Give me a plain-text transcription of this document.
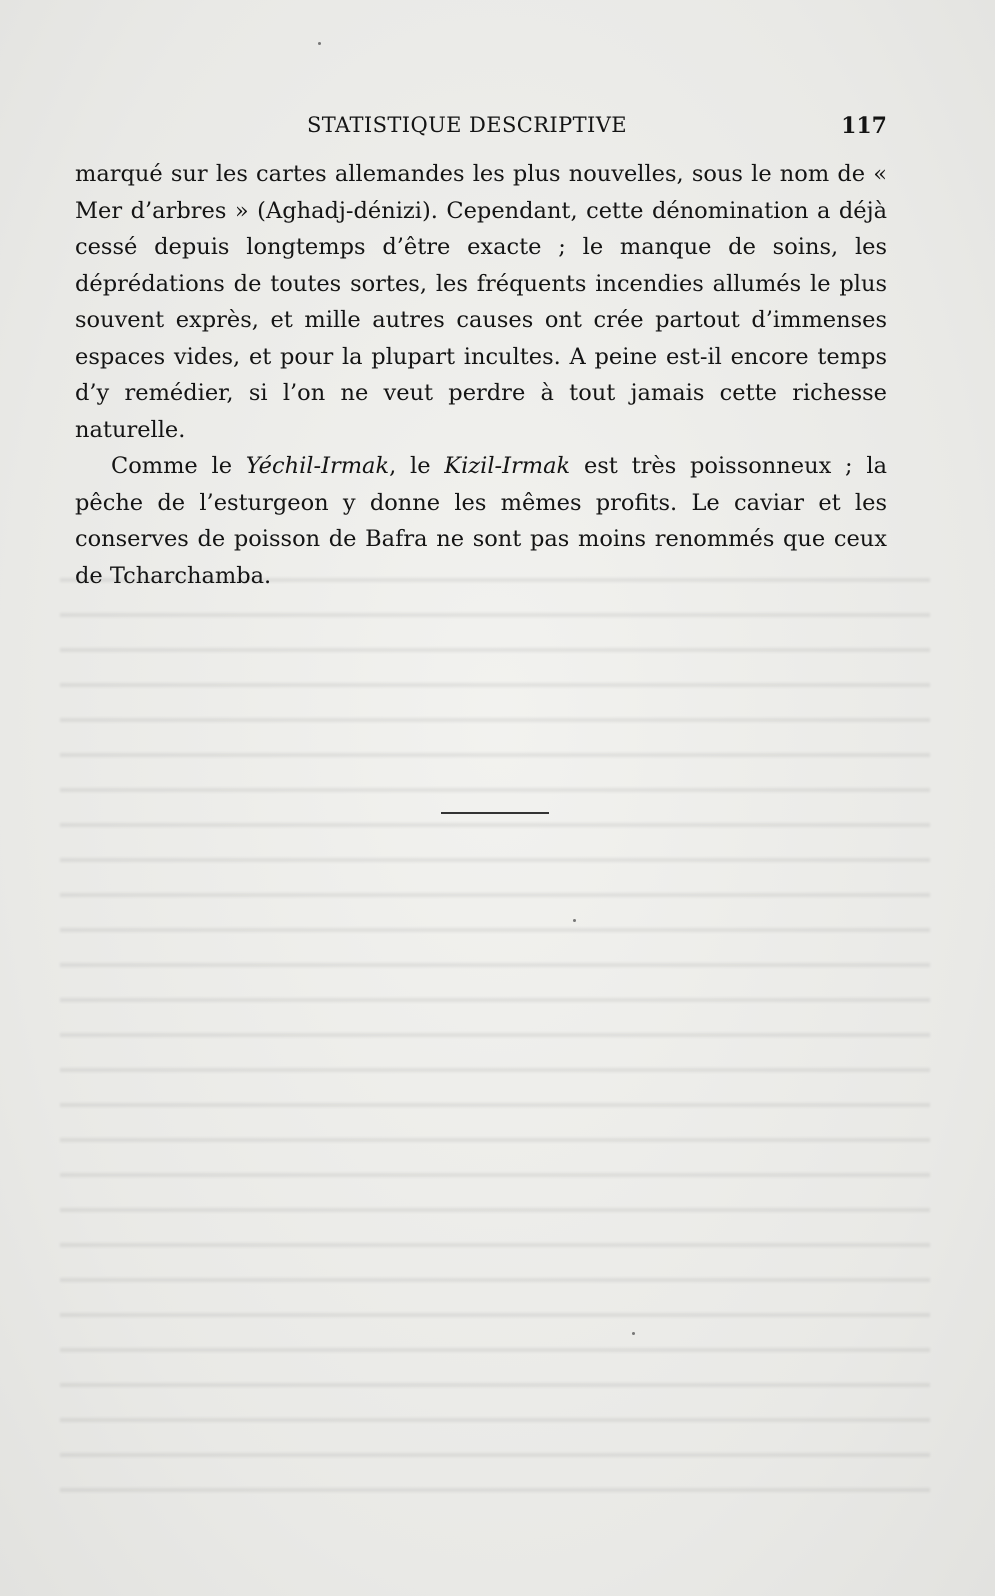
STATISTIQUE DESCRIPTIVE	117

marqué sur les cartes allemandes les plus nouvelles, sous le nom de « Mer d’arbres » (Aghadj-dénizi). Cependant, cette dénomination a déjà cessé depuis longtemps d’être exacte ; le manque de soins, les déprédations de toutes sortes, les fréquents incendies allumés le plus souvent exprès, et mille autres causes ont crée partout d’immenses espaces vides, et pour la plupart incultes. A peine est-il encore temps d’y remédier, si l’on ne veut perdre à tout jamais cette richesse naturelle.

Comme le Yéchil-Irmak, le Kizil-Irmak est très poissonneux ; la pêche de l’esturgeon y donne les mêmes profits. Le caviar et les conserves de poisson de Bafra ne sont pas moins renommés que ceux de Tcharchamba.
